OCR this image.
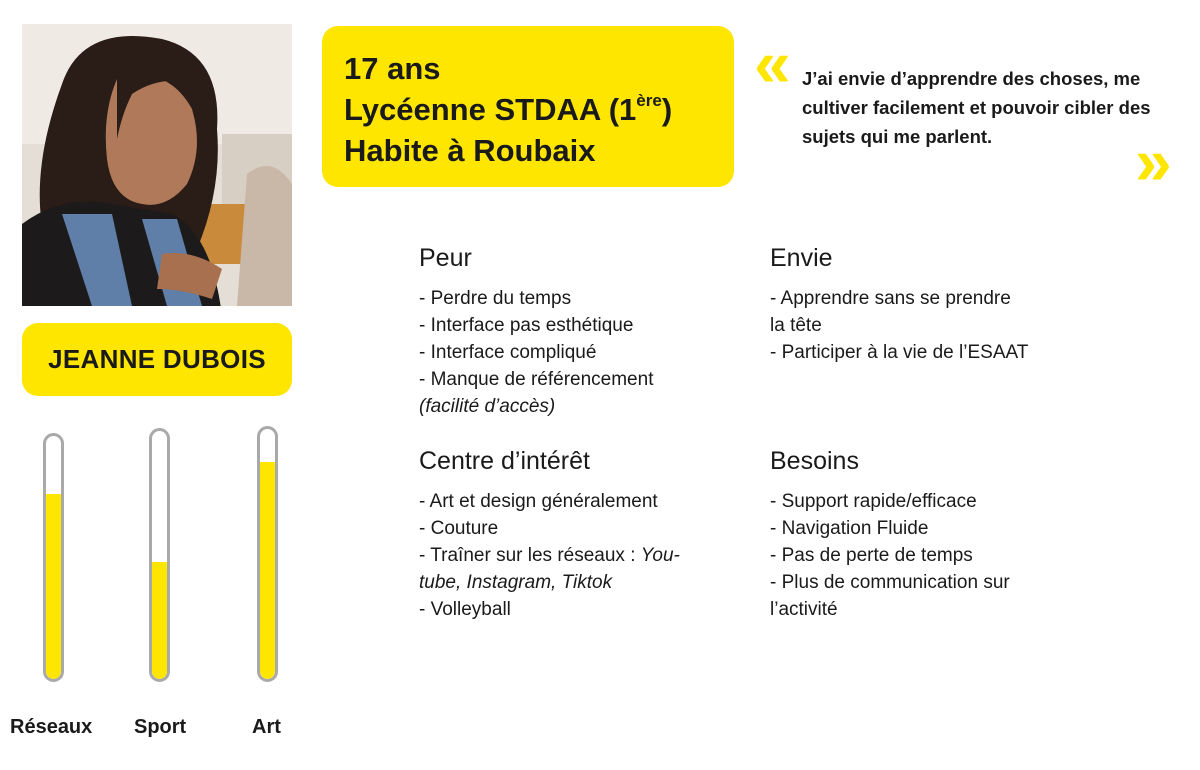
JEANNE DUBOIS
17 ans
Lycéenne STDAA (1ère)
Habite à Roubaix
« J’ai envie d’apprendre des choses, me cultiver facilement et pouvoir cibler des sujets qui me parlent.	»
Peur
- Perdre du temps
- Interface pas esthétique
- Interface compliqué
- Manque de référencement
(facilité d’accès)
Envie
- Apprendre sans se prendre
la tête
- Participer à la vie de l’ESAAT
Centre d’intérêt
- Art et design généralement
- Couture
- Traîner sur les réseaux : You-
tube, Instagram, Tiktok
- Volleyball
Besoins
- Support rapide/efficace
- Navigation Fluide
- Pas de perte de temps
- Plus de communication sur
l’activité
Réseaux Sport	Art
